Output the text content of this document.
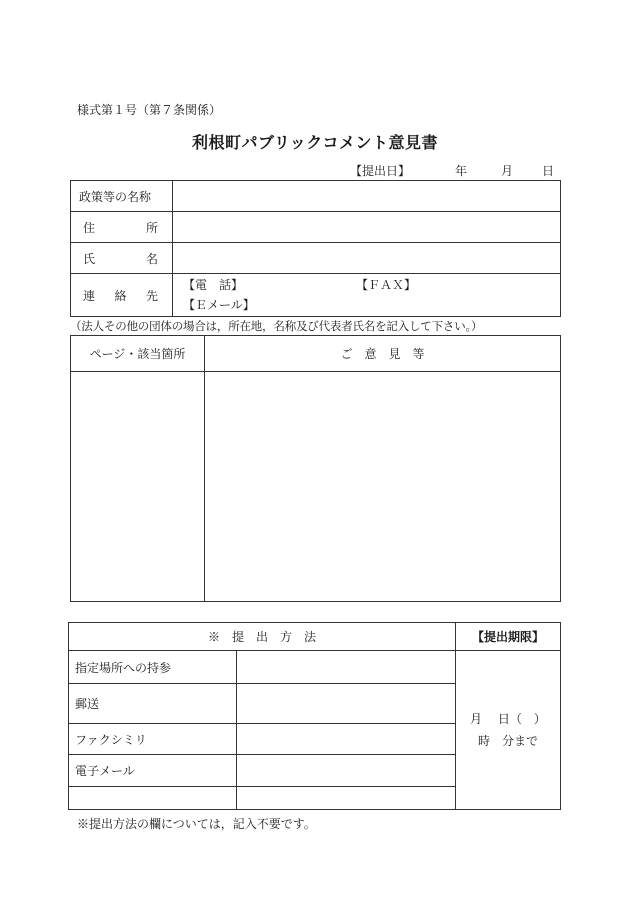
様式第１号（第７条関係）
利根町パブリックコメント意見書
【提出日】	年	月 日
政策等の名称	

住 所	

氏 名	

連 絡 先	【電　話】 【ＦＡＸ】
【Ｅメール】
（法人その他の団体の場合は，所在地，名称及び代表者氏名を記入して下さい。）
ページ・該当箇所	ご　意　見　等

※　提　出　方　法		【提出期限】
指定場所への持参		月　 日（　）
時　分まで

郵送		
ファクシミリ		
電子メール		

※提出方法の欄については，記入不要です。
